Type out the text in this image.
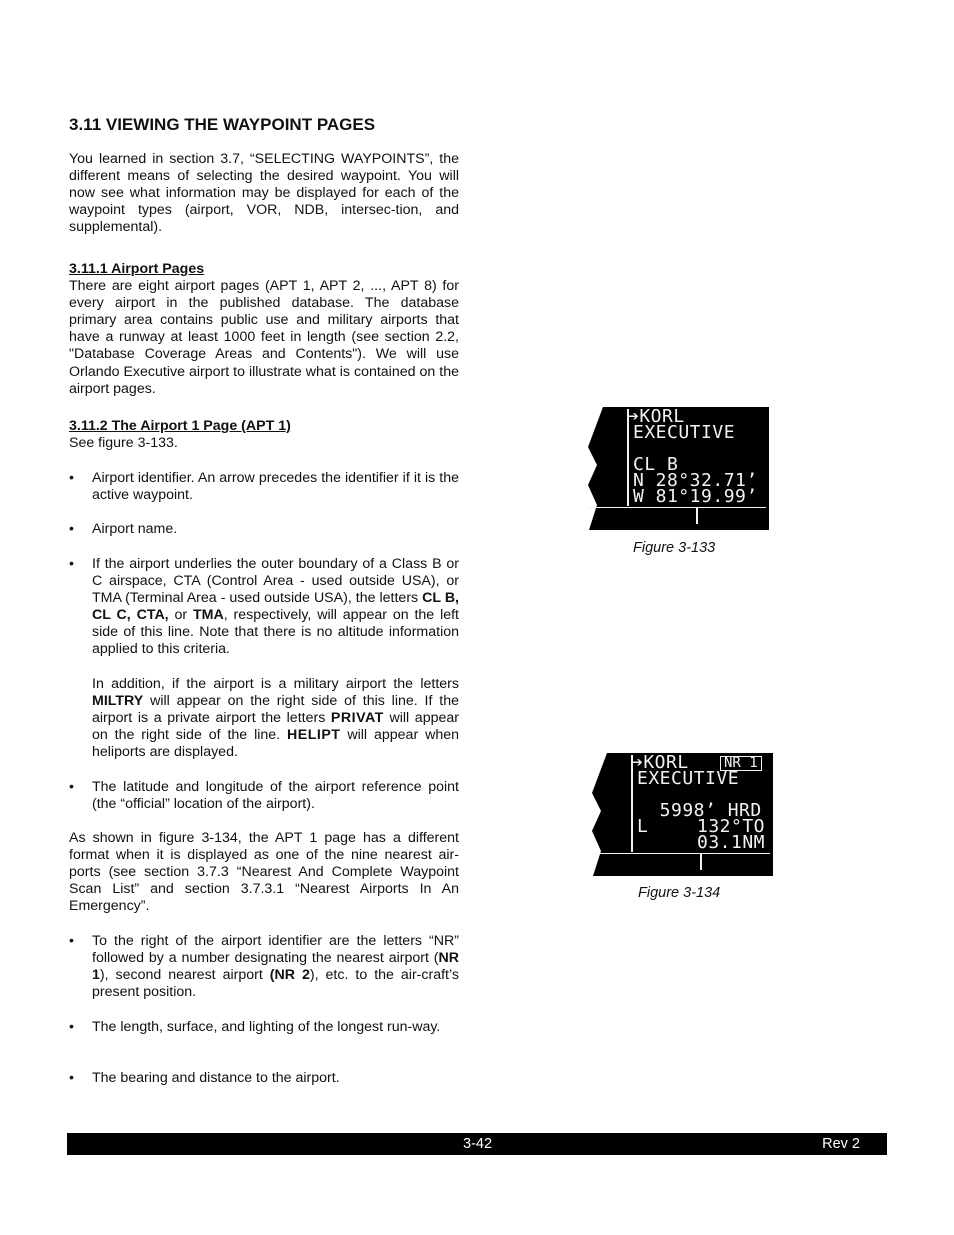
3.11 VIEWING THE WAYPOINT PAGES

You learned in section 3.7, “SELECTING WAYPOINTS”, the different means of selecting the desired waypoint. You will now see what information may be displayed for each of the waypoint types (airport, VOR, NDB, intersec-tion, and supplemental).

3.11.1 Airport Pages

There are eight airport pages (APT 1, APT 2, ..., APT 8) for every airport in the published database. The database primary area contains public use and military airports that have a runway at least 1000 feet in length (see section 2.2, "Database Coverage Areas and Contents"). We will use Orlando Executive airport to illustrate what is contained on the airport pages.

3.11.2 The Airport 1 Page (APT 1)

See figure 3-133.

• Airport identifier. An arrow precedes the identifier if it is the active waypoint.

• Airport name.

• If the airport underlies the outer boundary of a Class B or C airspace, CTA (Control Area - used outside USA), or TMA (Terminal Area - used outside USA), the letters CL B, CL C, CTA, or TMA, respectively, will appear on the left side of this line. Note that there is no altitude information applied to this criteria.

In addition, if the airport is a military airport the letters MILTRY will appear on the right side of this line. If the airport is a private airport the letters PRIVAT will appear on the right side of the line. HELIPT will appear when heliports are displayed.

• The latitude and longitude of the airport reference point (the “official” location of the airport).

As shown in figure 3-134, the APT 1 page has a different format when it is displayed as one of the nine nearest air-ports (see section 3.7.3 “Nearest And Complete Waypoint Scan List” and section 3.7.3.1 “Nearest Airports In An Emergency”.

• To the right of the airport identifier are the letters “NR” followed by a number designating the nearest airport (NR 1), second nearest airport (NR 2), etc. to the air-craft’s present position.

• The length, surface, and lighting of the longest run-way.

• The bearing and distance to the airport.

➔KORL
EXECUTIVE
CL B
N 28°32.71’
W 81°19.99’
Figure 3-133
➔KORL	NR 1
EXECUTIVE
5998’ HRD
L	132°TO
03.1NM
Figure 3-134
3-42	Rev 2
